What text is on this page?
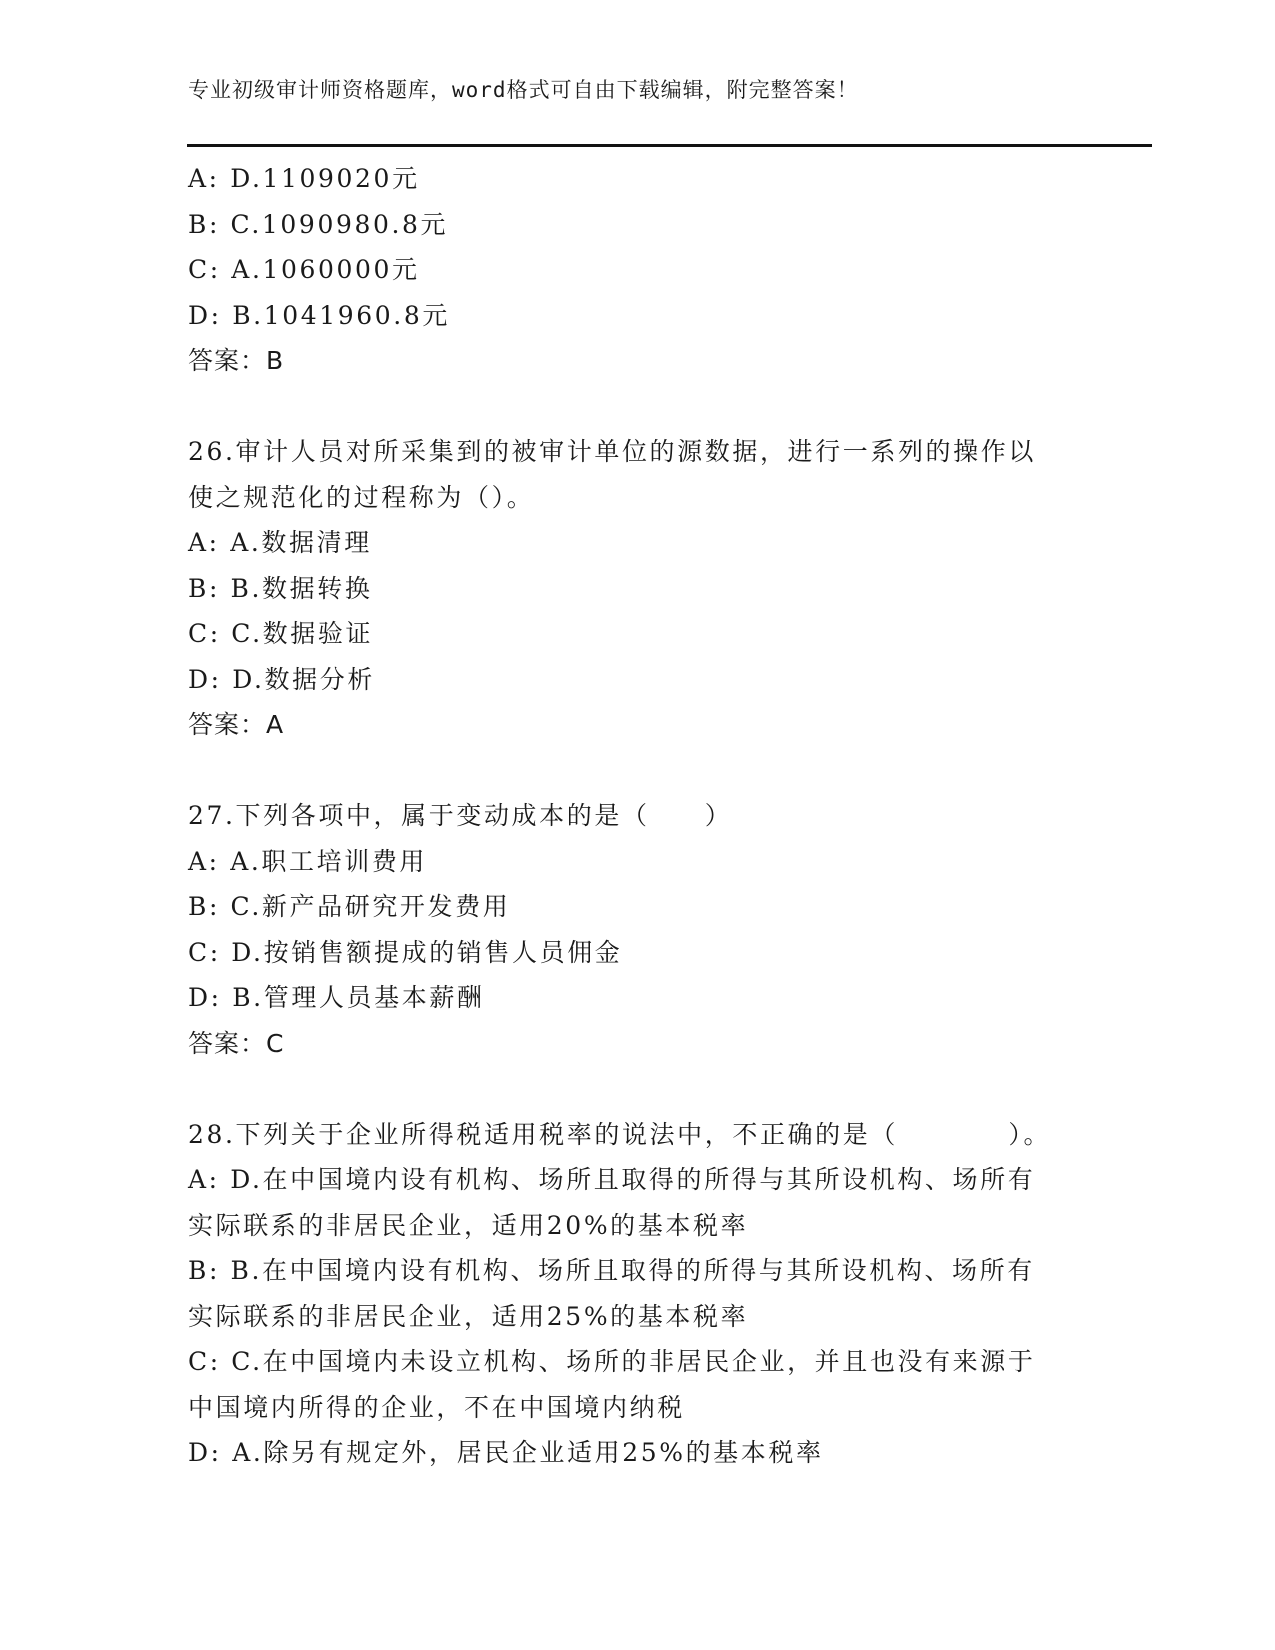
专业初级审计师资格题库，word格式可自由下载编辑，附完整答案！
A: D.1109020元
B: C.1090980.8元
C: A.1060000元
D: B.1041960.8元
答案：B
26.审计人员对所采集到的被审计单位的源数据，进行一系列的操作以
使之规范化的过程称为（）。
A: A.数据清理
B: B.数据转换
C: C.数据验证
D: D.数据分析
答案：A
27.下列各项中，属于变动成本的是（　　）
A: A.职工培训费用
B: C.新产品研究开发费用
C: D.按销售额提成的销售人员佣金
D: B.管理人员基本薪酬
答案：C
28.下列关于企业所得税适用税率的说法中，不正确的是（　　　　）。
A: D.在中国境内设有机构、场所且取得的所得与其所设机构、场所有
实际联系的非居民企业，适用20%的基本税率
B: B.在中国境内设有机构、场所且取得的所得与其所设机构、场所有
实际联系的非居民企业，适用25%的基本税率
C: C.在中国境内未设立机构、场所的非居民企业，并且也没有来源于
中国境内所得的企业，不在中国境内纳税
D: A.除另有规定外，居民企业适用25%的基本税率
